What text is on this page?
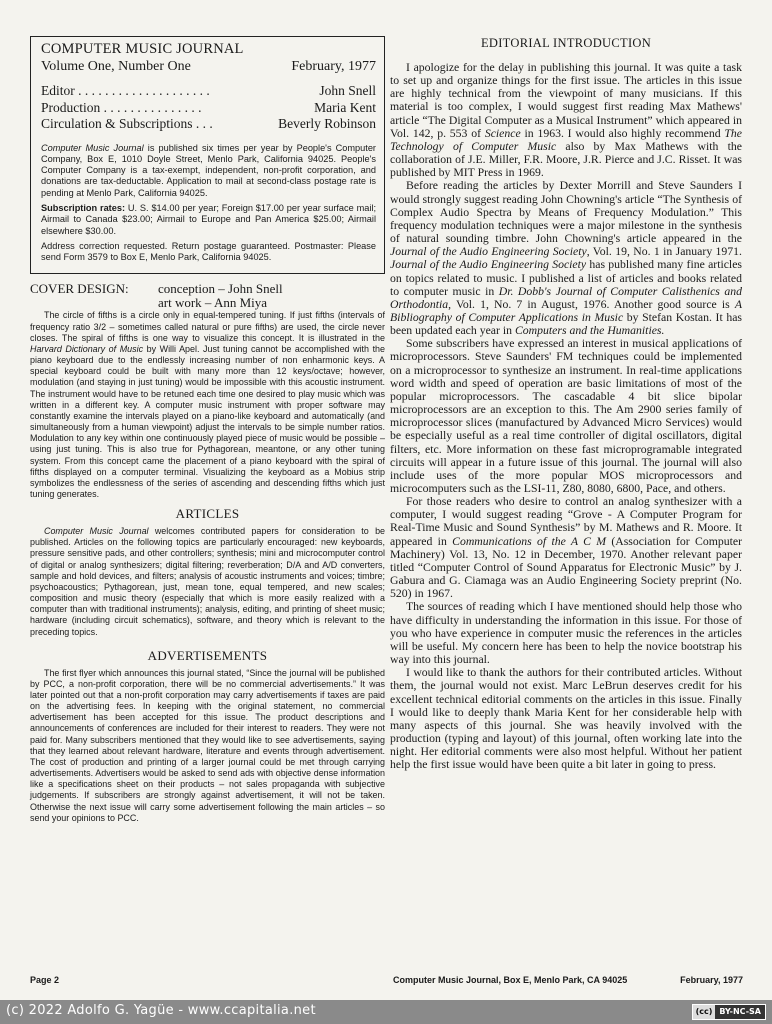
COMPUTER MUSIC JOURNAL
Volume One, Number One	February, 1977
Editor . . . . . . . . . . . . . . . . . . . .	John Snell
Production . . . . . . . . . . . . . . .	Maria Kent
Circulation & Subscriptions . . .	Beverly Robinson

Computer Music Journal is published six times per year by People's Computer Company, Box E, 1010 Doyle Street, Menlo Park, California 94025. People's Computer Company is a tax-exempt, independent, non-profit corporation, and donations are tax-deductable. Application to mail at second-class postage rate is pending at Menlo Park, California 94025.

Subscription rates: U. S. $14.00 per year; Foreign $17.00 per year surface mail; Airmail to Canada $23.00; Airmail to Europe and Pan America $25.00; Airmail elsewhere $30.00.

Address correction requested. Return postage guaranteed. Postmaster: Please send Form 3579 to Box E, Menlo Park, California 94025.

COVER DESIGN:	conception – John Snell
art work – Ann Miya

The circle of fifths is a circle only in equal-tempered tuning. If just fifths (intervals of frequency ratio 3/2 – sometimes called natural or pure fifths) are used, the circle never closes. The spiral of fifths is one way to visualize this concept. It is illustrated in the Harvard Dictionary of Music by Willi Apel. Just tuning cannot be accomplished with the piano keyboard due to the endlessly increasing number of non enharmonic keys. A special keyboard could be built with many more than 12 keys/octave; however, modulation (and staying in just tuning) would be impossible with this acoustic instrument. The instrument would have to be retuned each time one desired to play music which was written in a different key. A computer music instrument with proper software may constantly examine the intervals played on a piano-like keyboard and automatically (and simultaneously from a human viewpoint) adjust the intervals to be simple number ratios. Modulation to any key within one continuously played piece of music would be possible – using just tuning. This is also true for Pythagorean, meantone, or any other tuning system. From this concept came the placement of a piano keyboard with the spiral of fifths displayed on a computer terminal. Visualizing the keyboard as a Mobius strip symbolizes the endlessness of the series of ascending and descending fifths which just tuning generates.

ARTICLES

Computer Music Journal welcomes contributed papers for consideration to be published. Articles on the following topics are particularly encouraged: new keyboards, pressure sensitive pads, and other controllers; synthesis; mini and microcomputer control of digital or analog synthesizers; digital filtering; reverberation; D/A and A/D converters, sample and hold devices, and filters; analysis of acoustic instruments and voices; timbre; psychoacoustics; Pythagorean, just, mean tone, equal tempered, and new scales; composition and music theory (especially that which is more easily realized with a computer than with traditional instruments); analysis, editing, and printing of sheet music; hardware (including circuit schematics), software, and theory which is relevant to the preceding topics.

ADVERTISEMENTS

The first flyer which announces this journal stated, “Since the journal will be published by PCC, a non-profit corporation, there will be no commercial advertisements.” It was later pointed out that a non-profit corporation may carry advertisements if taxes are paid on the advertising fees. In keeping with the original statement, no commercial advertisement has been accepted for this issue. The product descriptions and announcements of conferences are included for their interest to readers. They were not paid for. Many subscribers mentioned that they would like to see advertisements, saying that they learned about relevant hardware, literature and events through advertisement. The cost of production and printing of a larger journal could be met through carrying advertisements. Advertisers would be asked to send ads with objective dense information like a specifications sheet on their products – not sales propaganda with subjective judgements. If subscribers are strongly against advertisement, it will not be taken. Otherwise the next issue will carry some advertisement following the main articles – so send your opinions to PCC.

EDITORIAL INTRODUCTION

I apologize for the delay in publishing this journal. It was quite a task to set up and organize things for the first issue. The articles in this issue are highly technical from the viewpoint of many musicians. If this material is too complex, I would suggest first reading Max Mathews' article “The Digital Computer as a Musical Instrument” which appeared in Vol. 142, p. 553 of Science in 1963. I would also highly recommend The Technology of Computer Music also by Max Mathews with the collaboration of J.E. Miller, F.R. Moore, J.R. Pierce and J.C. Risset. It was published by MIT Press in 1969.

Before reading the articles by Dexter Morrill and Steve Saunders I would strongly suggest reading John Chowning's article “The Synthesis of Complex Audio Spectra by Means of Frequency Modulation.” This frequency modulation techniques were a major milestone in the synthesis of natural sounding timbre. John Chowning's article appeared in the Journal of the Audio Engineering Society, Vol. 19, No. 1 in January 1971. Journal of the Audio Engineering Society has published many fine articles on topics related to music. I published a list of articles and books related to computer music in Dr. Dobb's Journal of Computer Calisthenics and Orthodontia, Vol. 1, No. 7 in August, 1976. Another good source is A Bibliography of Computer Applications in Music by Stefan Kostan. It has been updated each year in Computers and the Humanities.

Some subscribers have expressed an interest in musical applications of microprocessors. Steve Saunders' FM techniques could be implemented on a microprocessor to synthesize an instrument. In real-time applications word width and speed of operation are basic limitations of most of the popular microprocessors. The cascadable 4 bit slice bipolar microprocessors are an exception to this. The Am 2900 series family of microprocessor slices (manufactured by Advanced Micro Services) would be especially useful as a real time controller of digital oscillators, digital filters, etc. More information on these fast microprogramable integrated circuits will appear in a future issue of this journal. The journal will also include uses of the more popular MOS microprocessors and microcomputers such as the LSI-11, Z80, 8080, 6800, Pace, and others.

For those readers who desire to control an analog synthesizer with a computer, I would suggest reading “Grove - A Computer Program for Real-Time Music and Sound Synthesis” by M. Mathews and R. Moore. It appeared in Communications of the A C M (Association for Computer Machinery) Vol. 13, No. 12 in December, 1970. Another relevant paper titled “Computer Control of Sound Apparatus for Electronic Music” by J. Gabura and G. Ciamaga was an Audio Engineering Society preprint (No. 520) in 1967.

The sources of reading which I have mentioned should help those who have difficulty in understanding the information in this issue. For those of you who have experience in computer music the references in the articles will be useful. My concern here has been to help the novice bootstrap his way into this journal.

I would like to thank the authors for their contributed articles. Without them, the journal would not exist. Marc LeBrun deserves credit for his excellent technical editorial comments on the articles in this issue. Finally I would like to deeply thank Maria Kent for her considerable help with many aspects of this journal. She was heavily involved with the production (typing and layout) of this journal, often working late into the night. Her editorial comments were also most helpful. Without her patient help the first issue would have been quite a bit later in going to press.

Page 2	Computer Music Journal, Box E, Menlo Park, CA 94025	February, 1977
(c) 2022 Adolfo G. Yagüe - www.ccapitalia.net	(cc) BY-NC-SA
